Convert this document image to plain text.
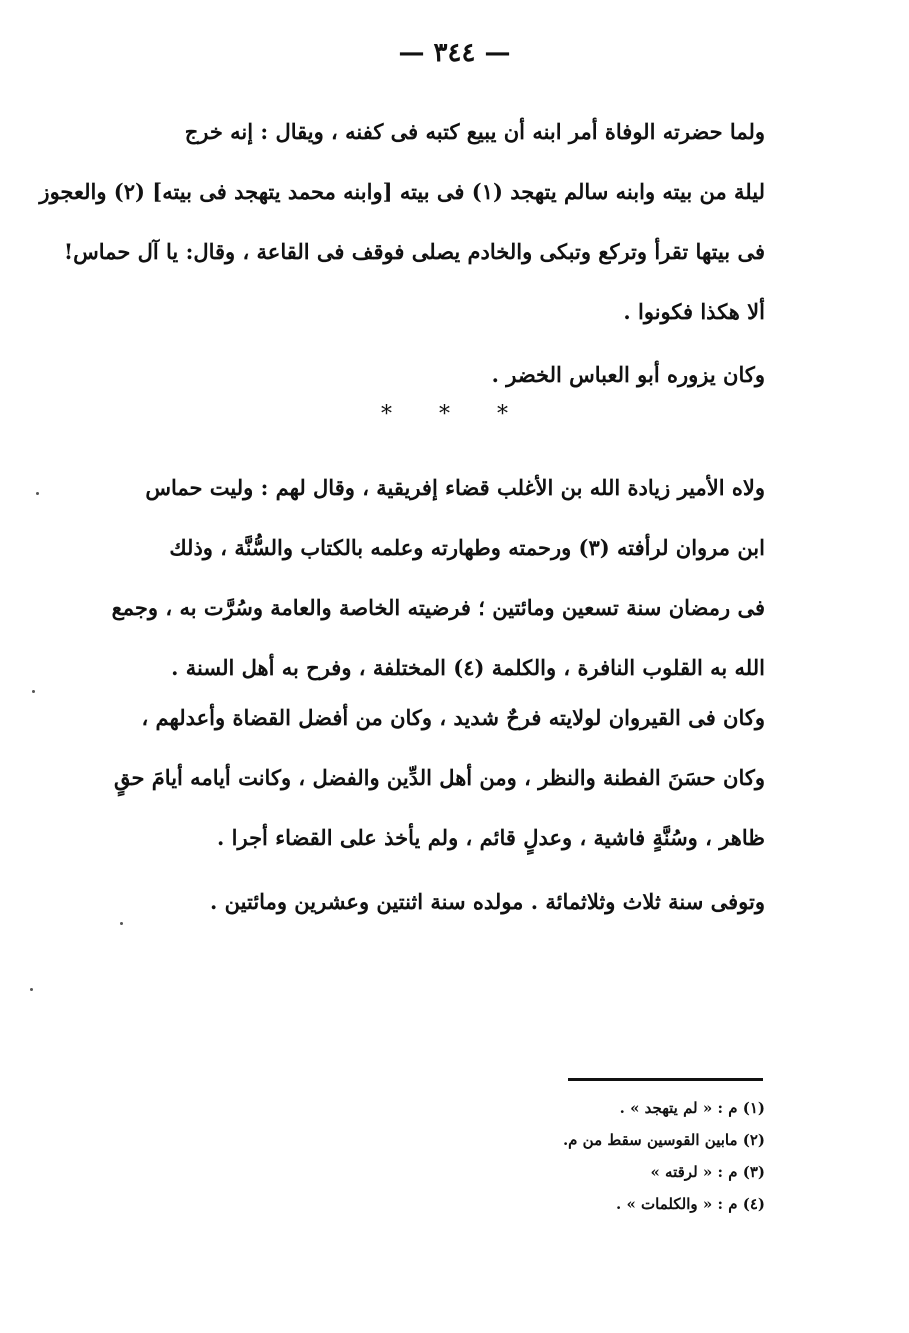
— ٣٤٤ —
ولما حضرته الوفاة أمر ابنه أن يبيع كتبه فى كفنه ، ويقال : إنه خرج
ليلة من بيته وابنه سالم يتهجد (١) فى بيته [وابنه محمد يتهجد فى بيته] (٢) والعجوز
فى بيتها تقرأ وتركع وتبكى والخادم يصلى فوقف فى القاعة ، وقال: يا آل حماس!
ألا هكذا فكونوا .
وكان يزوره أبو العباس الخضر .
* * *
ولاه الأمير زيادة الله بن الأغلب قضاء إفريقية ، وقال لهم : وليت حماس
ابن مروان لرأفته (٣) ورحمته وطهارته وعلمه بالكتاب والسُّنَّة ، وذلك
فى رمضان سنة تسعين ومائتين ؛ فرضيته الخاصة والعامة وسُرَّت به ، وجمع
الله به القلوب النافرة ، والكلمة (٤) المختلفة ، وفرح به أهل السنة .
وكان فى القيروان لولايته فرحٌ شديد ، وكان من أفضل القضاة وأعدلهم ،
وكان حسَنَ الفطنة والنظر ، ومن أهل الدِّين والفضل ، وكانت أيامه أيامَ حقٍ
ظاهر ، وسُنَّةٍ فاشية ، وعدلٍ قائم ، ولم يأخذ على القضاء أجرا .
وتوفى سنة ثلاث وثلاثمائة . مولده سنة اثنتين وعشرين ومائتين .
(١) م : « لم يتهجد » .
(٢) مابين القوسين سقط من م.
(٣) م : « لرقته »
(٤) م : « والكلمات » .
